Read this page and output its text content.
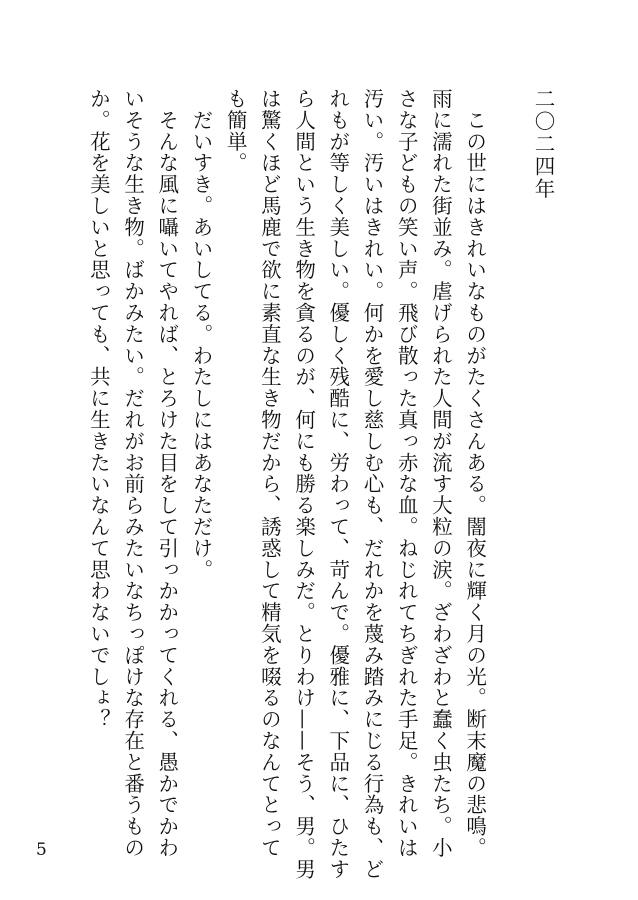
二〇二四年
　この世にはきれいなものがたくさんある。闇夜に輝く月の光。断末魔の悲鳴。
雨に濡れた街並み。虐げられた人間が流す大粒の涙。ざわざわと蠢く虫たち。小
さな子どもの笑い声。飛び散った真っ赤な血。ねじれてちぎれた手足。きれいは
汚い。汚いはきれい。何かを愛し慈しむ心も、だれかを蔑み踏みにじる行為も、ど
れもが等しく美しい。優しく残酷に、労わって、苛んで。優雅に、下品に、ひたす
ら人間という生き物を貪るのが、何にも勝る楽しみだ。とりわけ——そう、男。男
は驚くほど馬鹿で欲に素直な生き物だから、誘惑して精気を啜るのなんてとって
も簡単。
　だいすき。あいしてる。わたしにはあなただけ。
　そんな風に囁いてやれば、とろけた目をして引っかかってくれる、愚かでかわ
いそうな生き物。ばかみたい。だれがお前らみたいなちっぽけな存在と番うもの
か。花を美しいと思っても、共に生きたいなんて思わないでしょ？
5
